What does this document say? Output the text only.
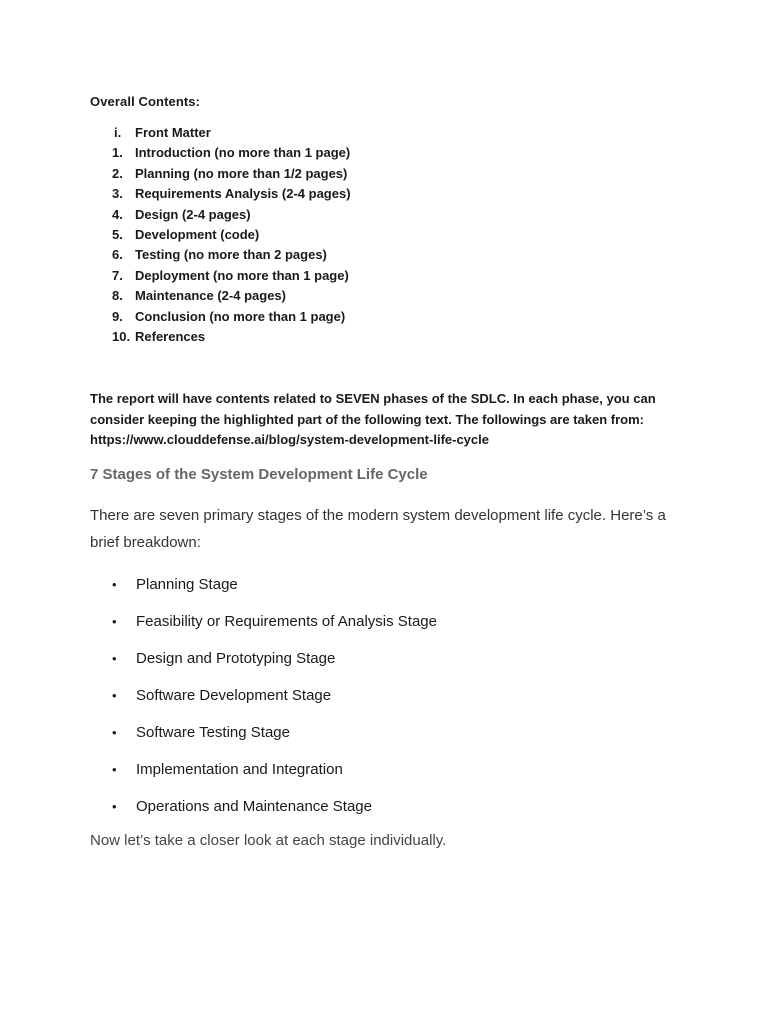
Overall Contents:
i.	Front Matter
1. Introduction (no more than 1 page)
2. Planning (no more than 1/2 pages)
3. Requirements Analysis (2-4 pages)
4. Design (2-4 pages)
5. Development (code)
6. Testing (no more than 2 pages)
7. Deployment (no more than 1 page)
8. Maintenance (2-4 pages)
9. Conclusion (no more than 1 page)
10. References
The report will have contents related to SEVEN phases of the SDLC. In each phase, you can
consider keeping the highlighted part of the following text. The followings are taken from:
https://www.clouddefense.ai/blog/system-development-life-cycle
7 Stages of the System Development Life Cycle
There are seven primary stages of the modern system development life cycle. Here’s a
brief breakdown:
•	Planning Stage
•	Feasibility or Requirements of Analysis Stage
•	Design and Prototyping Stage
•	Software Development Stage
•	Software Testing Stage
•	Implementation and Integration
•	Operations and Maintenance Stage
Now let’s take a closer look at each stage individually.
